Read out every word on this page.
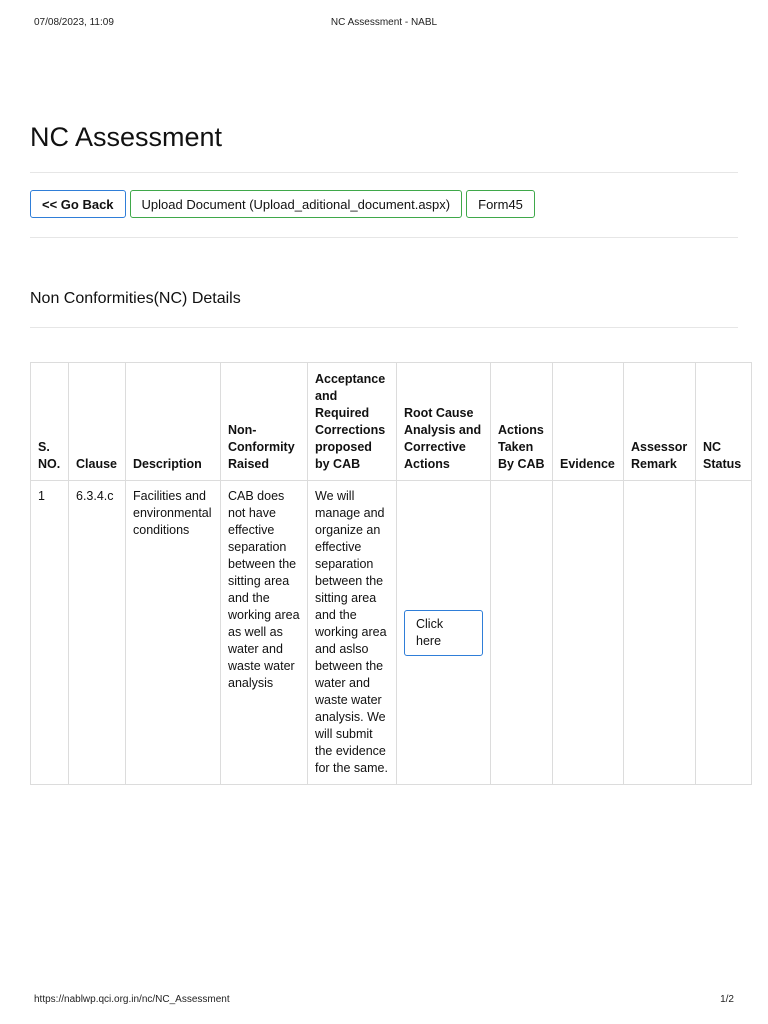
07/08/2023, 11:09	NC Assessment - NABL
NC Assessment
<< Go Back	Upload Document (Upload_aditional_document.aspx)	Form45
Non Conformities(NC) Details
S. NO.	Clause	Description	Non-Conformity Raised	Acceptance and Required Corrections proposed by CAB	Root Cause Analysis and Corrective Actions	Actions Taken By CAB	Evidence	Assessor Remark	NC Status
1	6.3.4.c	Facilities and environmental conditions	CAB does not have effective separation between the sitting area and the working area as well as water and waste water analysis	We will manage and organize an effective separation between the sitting area and the working area and aslso between the water and waste water analysis. We will submit the evidence for the same.	Click here				
https://nablwp.qci.org.in/nc/NC_Assessment	1/2
